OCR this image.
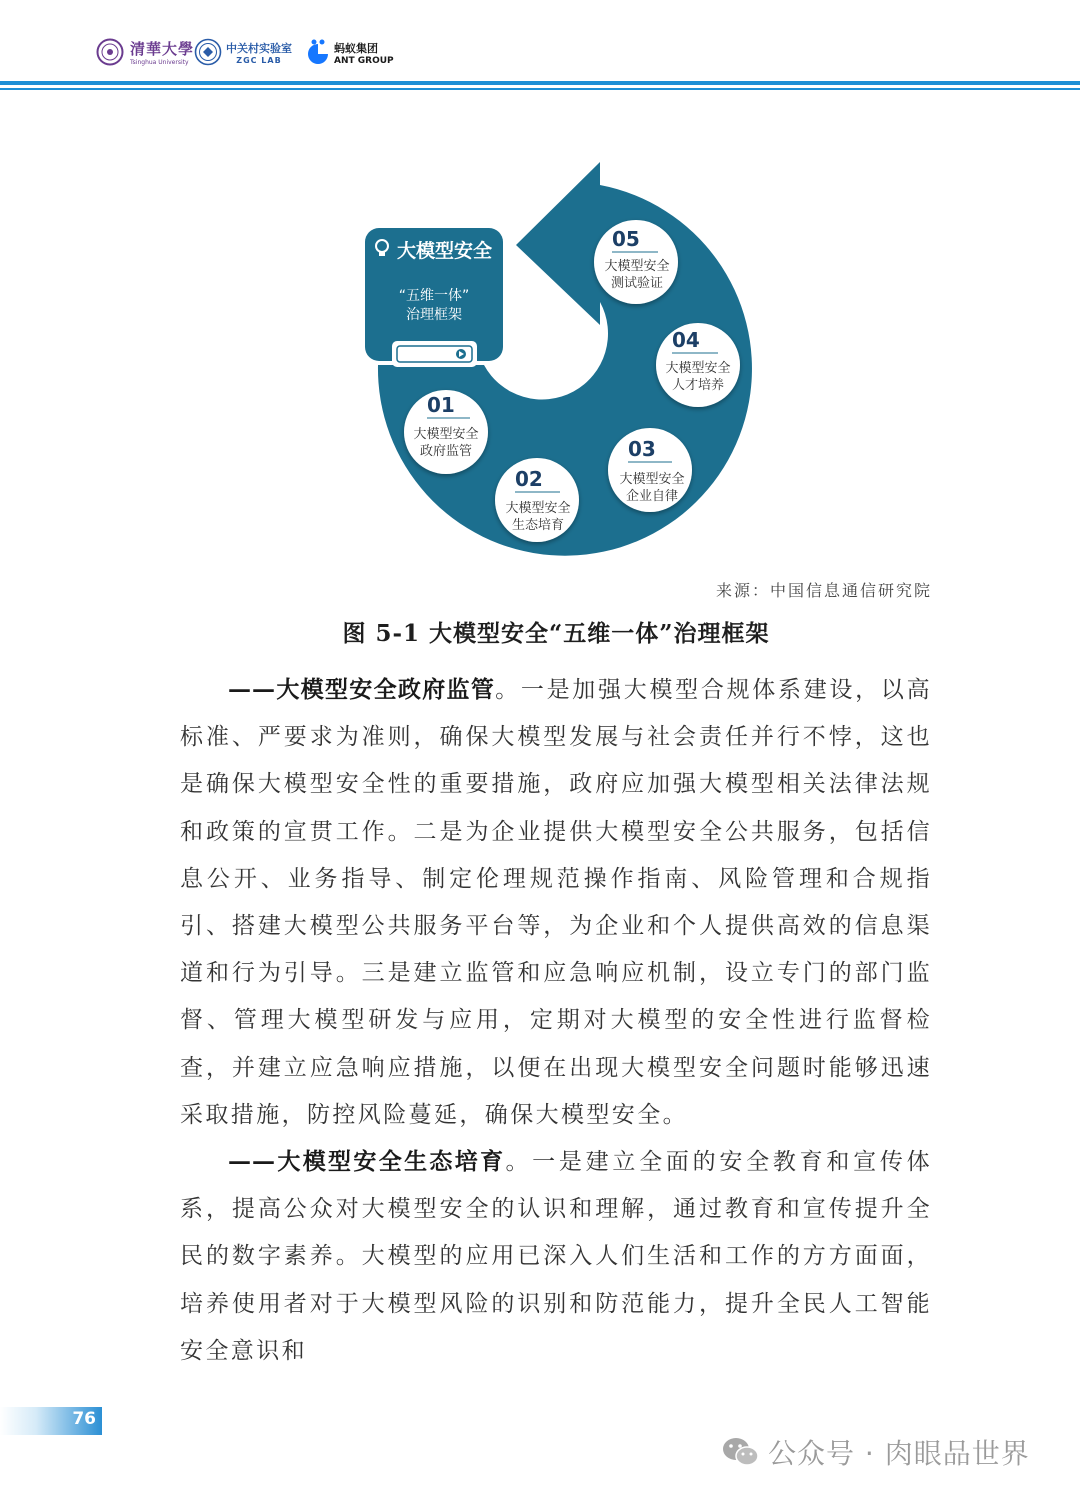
清華大學
Tsinghua University
中关村实验室
ZGC LAB
蚂蚁集团
ANT GROUP
大模型安全
“五维一体”
治理框架
01
大模型安全
政府监管
02
大模型安全
生态培育
03
大模型安全
企业自律
04
大模型安全
人才培养
05
大模型安全
测试验证
来源：中国信息通信研究院
图 5-1 大模型安全“五维一体”治理框架

——大模型安全政府监管。一是加强大模型合规体系建设，以高标准、严要求为准则，确保大模型发展与社会责任并行不悖，这也是确保大模型安全性的重要措施，政府应加强大模型相关法律法规和政策的宣贯工作。二是为企业提供大模型安全公共服务，包括信息公开、业务指导、制定伦理规范操作指南、风险管理和合规指引、搭建大模型公共服务平台等，为企业和个人提供高效的信息渠道和行为引导。三是建立监管和应急响应机制，设立专门的部门监督、管理大模型研发与应用，定期对大模型的安全性进行监督检查，并建立应急响应措施，以便在出现大模型安全问题时能够迅速采取措施，防控风险蔓延，确保大模型安全。

——大模型安全生态培育。一是建立全面的安全教育和宣传体系，提高公众对大模型安全的认识和理解，通过教育和宣传提升全民的数字素养。大模型的应用已深入人们生活和工作的方方面面，培养使用者对于大模型风险的识别和防范能力，提升全民人工智能安全意识和

76
公众号 · 肉眼品世界
